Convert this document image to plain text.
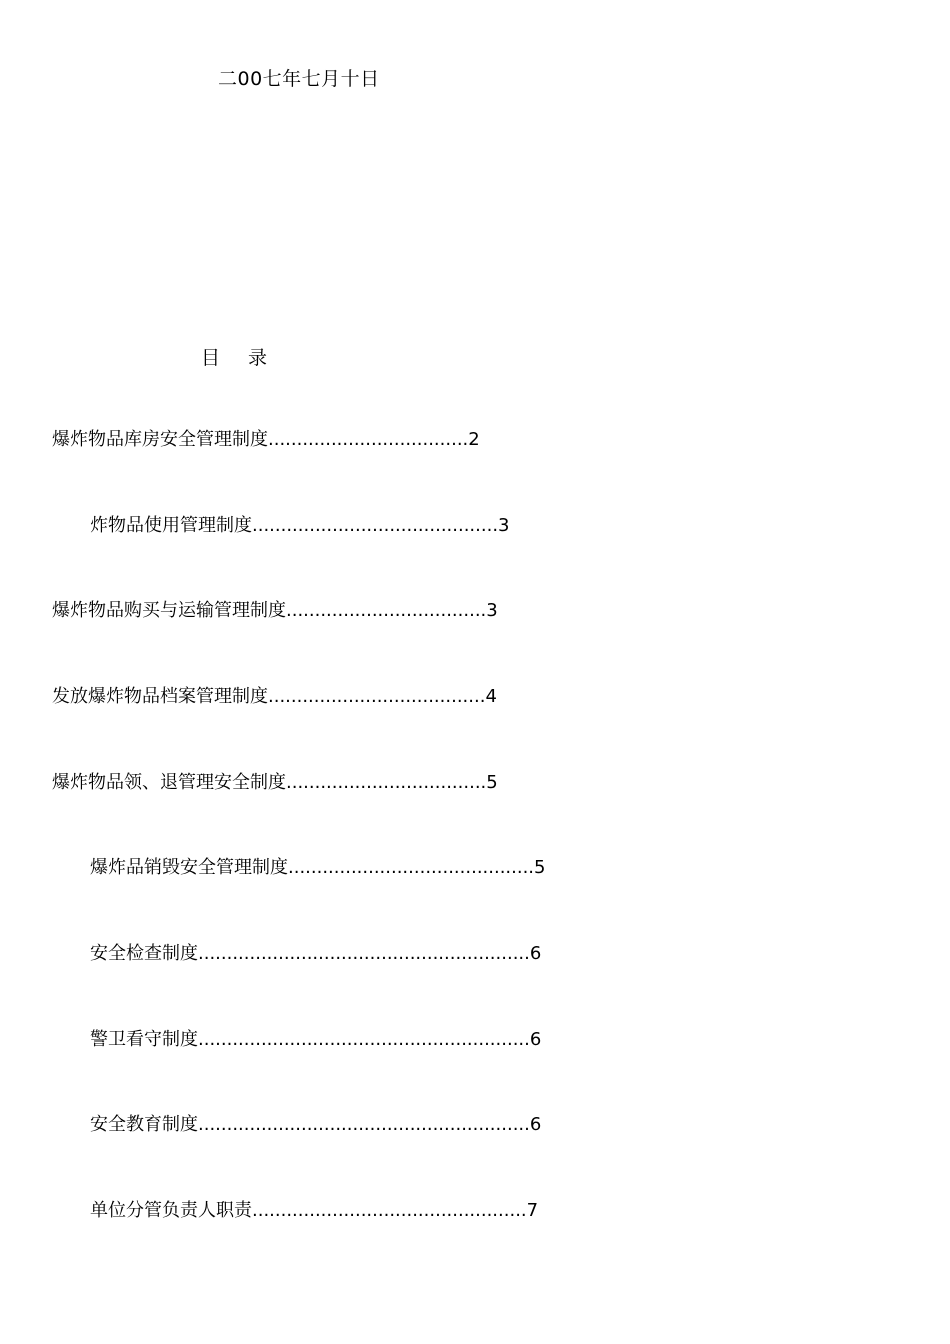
二00七年七月十日
目 录
爆炸物品库房安全管理制度...................................2
炸物品使用管理制度...........................................3
爆炸物品购买与运输管理制度...................................3
发放爆炸物品档案管理制度......................................4
爆炸物品领、退管理安全制度...................................5
爆炸品销毁安全管理制度...........................................5
安全检查制度..........................................................6
警卫看守制度..........................................................6
安全教育制度..........................................................6
单位分管负责人职责................................................7
